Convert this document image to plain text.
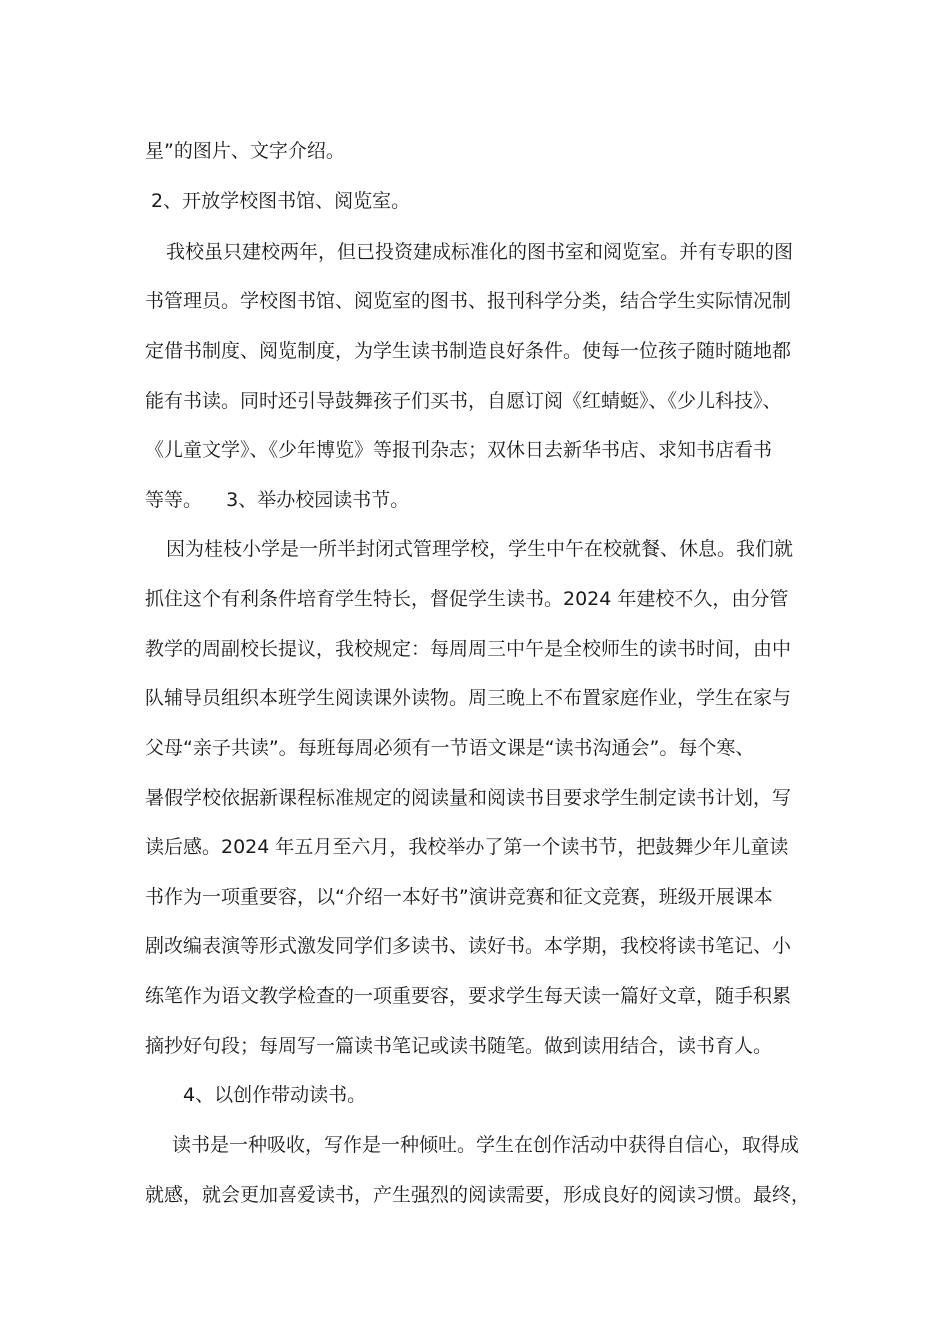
星”的图片、文字介绍。
2、开放学校图书馆、阅览室。
我校虽只建校两年，但已投资建成标准化的图书室和阅览室。并有专职的图
书管理员。学校图书馆、阅览室的图书、报刊科学分类，结合学生实际情况制
定借书制度、阅览制度，为学生读书制造良好条件。使每一位孩子随时随地都
能有书读。同时还引导鼓舞孩子们买书，自愿订阅《红蜻蜓》、《少儿科技》、
《儿童文学》、《少年博览》等报刊杂志；双休日去新华书店、求知书店看书
等等。    3、举办校园读书节。
因为桂枝小学是一所半封闭式管理学校，学生中午在校就餐、休息。我们就
抓住这个有利条件培育学生特长，督促学生读书。2024 年建校不久，由分管
教学的周副校长提议，我校规定：每周周三中午是全校师生的读书时间，由中
队辅导员组织本班学生阅读课外读物。周三晚上不布置家庭作业，学生在家与
父母“亲子共读”。每班每周必须有一节语文课是“读书沟通会”。每个寒、
暑假学校依据新课程标准规定的阅读量和阅读书目要求学生制定读书计划，写
读后感。2024 年五月至六月，我校举办了第一个读书节，把鼓舞少年儿童读
书作为一项重要容，以“介绍一本好书”演讲竞赛和征文竞赛，班级开展课本
剧改编表演等形式激发同学们多读书、读好书。本学期，我校将读书笔记、小
练笔作为语文教学检查的一项重要容，要求学生每天读一篇好文章，随手积累
摘抄好句段；每周写一篇读书笔记或读书随笔。做到读用结合，读书育人。
4、以创作带动读书。
读书是一种吸收，写作是一种倾吐。学生在创作活动中获得自信心，取得成
就感，就会更加喜爱读书，产生强烈的阅读需要，形成良好的阅读习惯。最终，
